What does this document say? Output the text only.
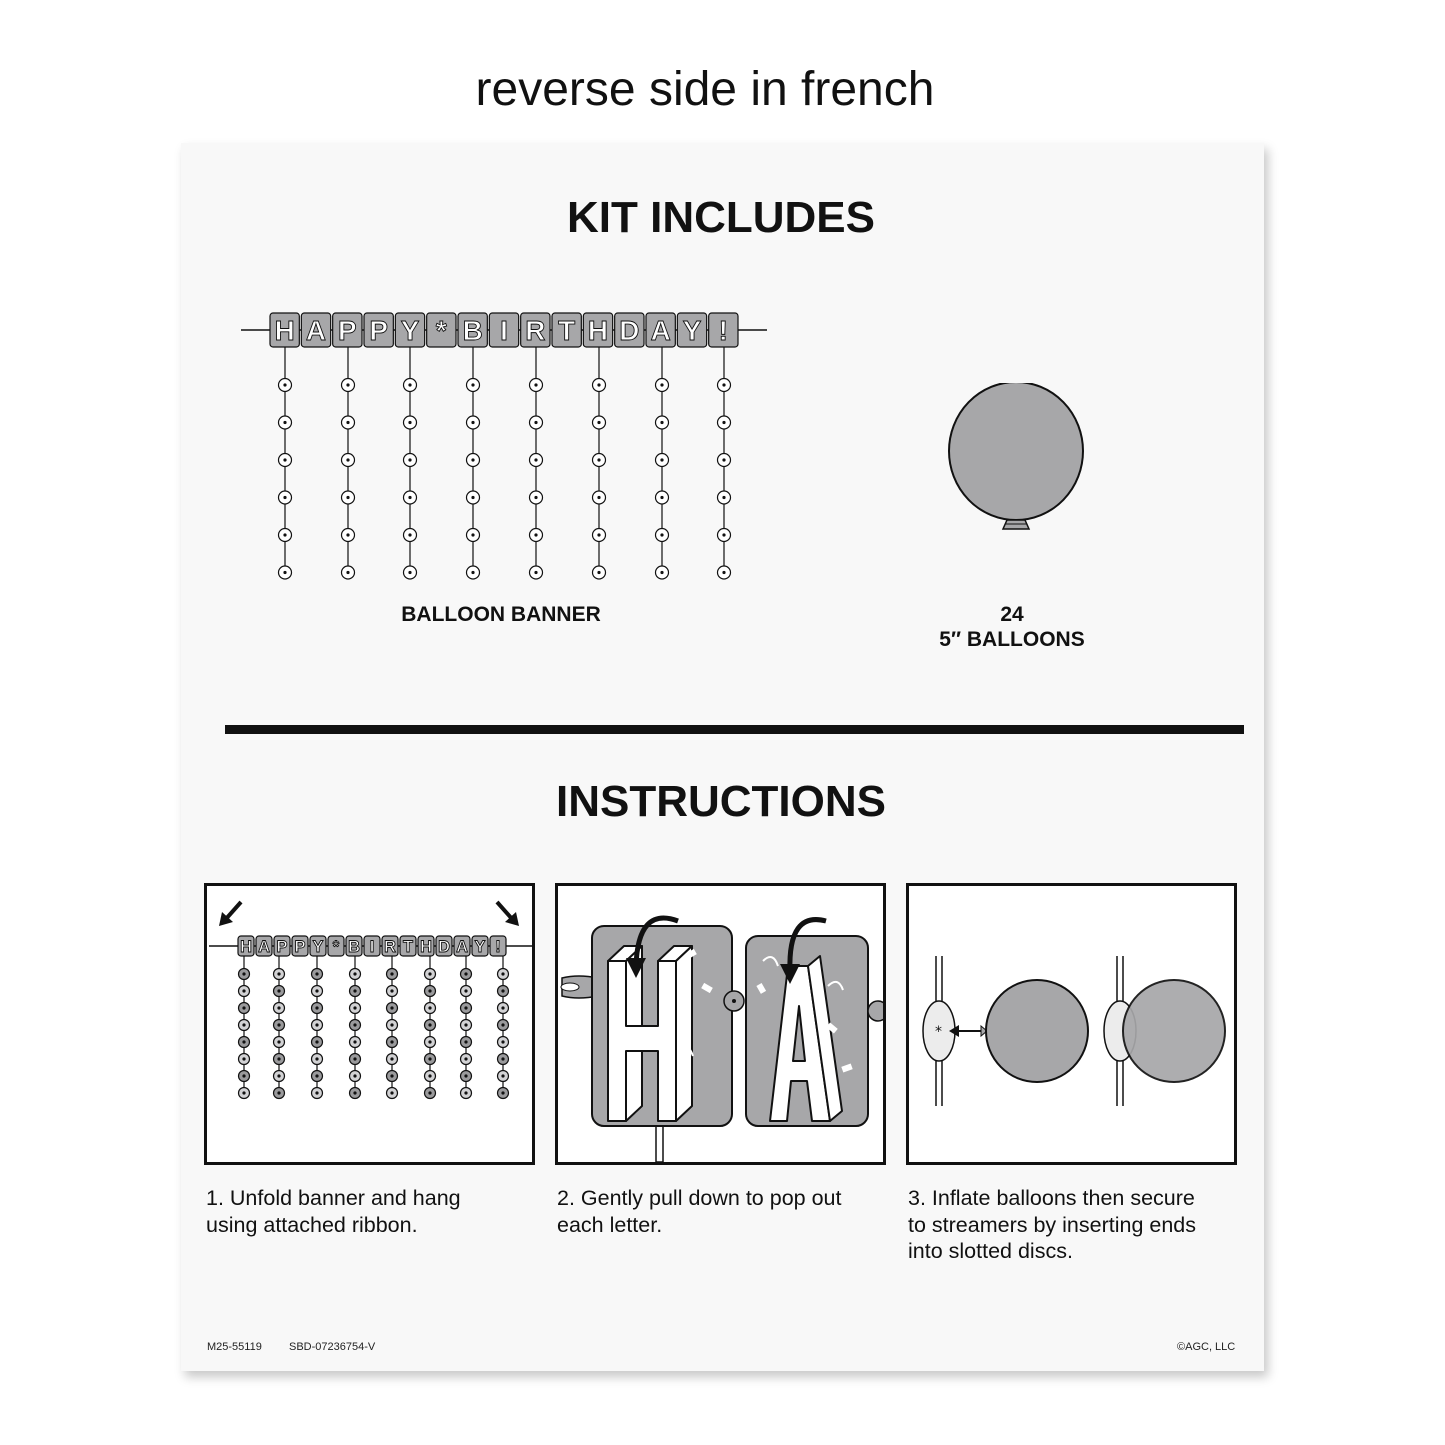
reverse side in french
KIT INCLUDES
H A P P Y * B I R T H D A Y !
BALLOON BANNER	24
5″ BALLOONS
INSTRUCTIONS
H A P P Y * B I R T H D A Y !
*
1. Unfold banner and hang
using attached ribbon.
2. Gently pull down to pop out
each letter.
3. Inflate balloons then secure
to streamers by inserting ends
into slotted discs.
M25-55119 SBD-07236754-V	©AGC, LLC
